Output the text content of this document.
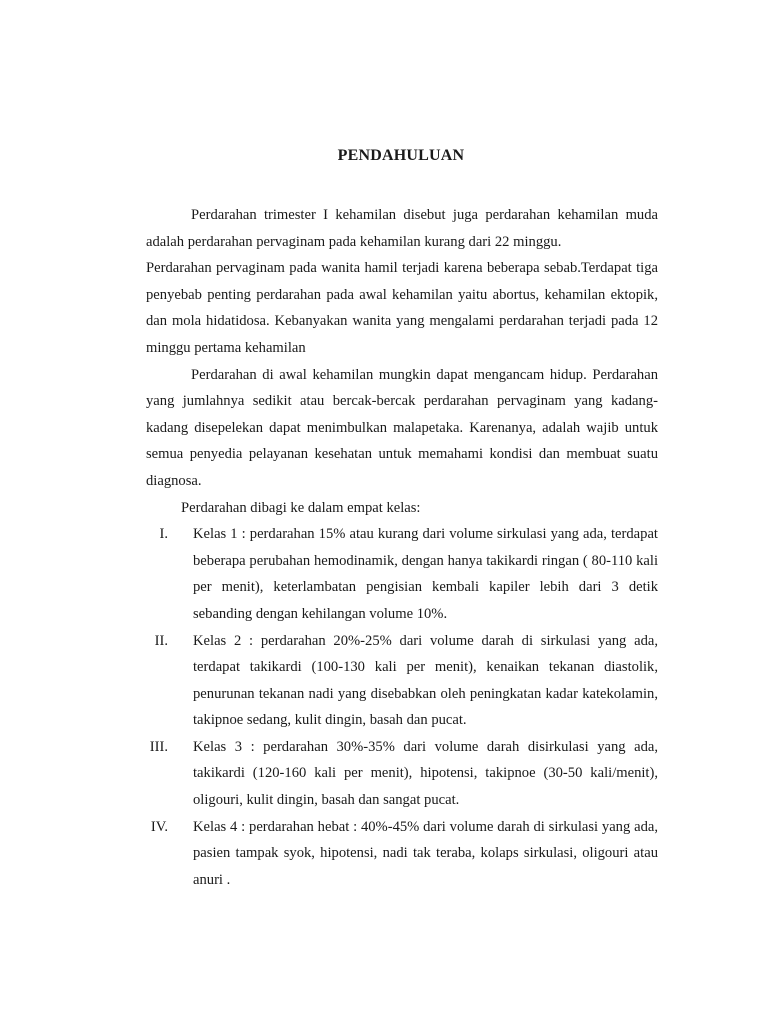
PENDAHULUAN

Perdarahan trimester I kehamilan disebut juga perdarahan kehamilan muda adalah perdarahan pervaginam pada kehamilan kurang dari 22 minggu.

Perdarahan pervaginam pada wanita hamil terjadi karena beberapa sebab.Terdapat tiga penyebab penting perdarahan pada awal kehamilan yaitu abortus, kehamilan ektopik, dan mola hidatidosa. Kebanyakan wanita yang mengalami perdarahan terjadi pada 12 minggu pertama kehamilan

Perdarahan di awal kehamilan mungkin dapat mengancam hidup. Perdarahan yang jumlahnya sedikit atau bercak-bercak perdarahan pervaginam yang kadang-kadang disepelekan dapat menimbulkan malapetaka. Karenanya, adalah wajib untuk semua penyedia pelayanan kesehatan untuk memahami kondisi dan membuat suatu diagnosa.

Perdarahan dibagi ke dalam empat kelas:

I. Kelas 1 : perdarahan 15% atau kurang dari volume sirkulasi yang ada, terdapat beberapa perubahan hemodinamik, dengan hanya takikardi ringan ( 80-110 kali per menit), keterlambatan pengisian kembali kapiler lebih dari 3 detik sebanding dengan kehilangan volume 10%.
II. Kelas 2 : perdarahan 20%-25% dari volume darah di sirkulasi yang ada, terdapat takikardi (100-130 kali per menit), kenaikan tekanan diastolik, penurunan tekanan nadi yang disebabkan oleh peningkatan kadar katekolamin, takipnoe sedang, kulit dingin, basah dan pucat.
III. Kelas 3 : perdarahan 30%-35% dari volume darah disirkulasi yang ada, takikardi (120-160 kali per menit), hipotensi, takipnoe (30-50 kali/menit), oligouri, kulit dingin, basah dan sangat pucat.
IV. Kelas 4 : perdarahan hebat : 40%-45% dari volume darah di sirkulasi yang ada, pasien tampak syok, hipotensi, nadi tak teraba, kolaps sirkulasi, oligouri atau anuri .
